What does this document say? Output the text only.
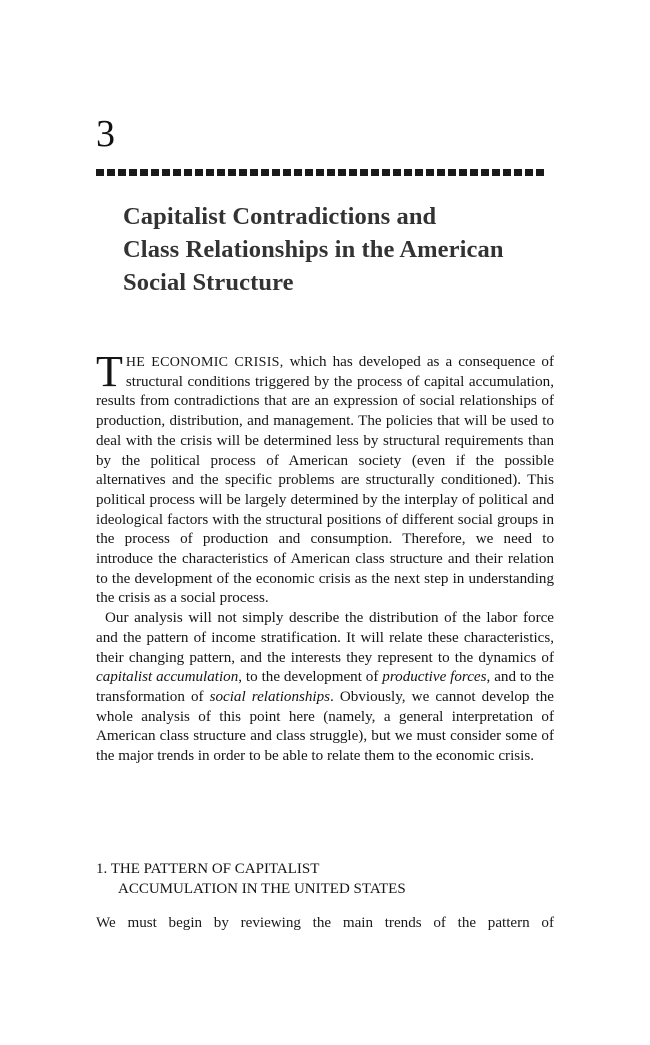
3
Capitalist Contradictions and
Class Relationships in the American
Social Structure

THE ECONOMIC CRISIS, which has developed as a consequence of structural conditions triggered by the process of capital accumulation, results from contradictions that are an expression of social relationships of production, distribution, and management. The policies that will be used to deal with the crisis will be determined less by structural requirements than by the political process of American society (even if the possible alternatives and the specific problems are structurally conditioned). This political process will be largely determined by the interplay of political and ideological factors with the structural positions of different social groups in the process of production and consumption. Therefore, we need to introduce the characteristics of American class structure and their relation to the development of the economic crisis as the next step in understanding the crisis as a social process.

Our analysis will not simply describe the distribution of the labor force and the pattern of income stratification. It will relate these characteristics, their changing pattern, and the interests they represent to the dynamics of capitalist accumulation, to the development of productive forces, and to the transformation of social relationships. Obviously, we cannot develop the whole analysis of this point here (namely, a general interpretation of American class structure and class struggle), but we must consider some of the major trends in order to be able to relate them to the economic crisis.

1. THE PATTERN OF CAPITALIST
ACCUMULATION IN THE UNITED STATES
We must begin by reviewing the main trends of the pattern of
